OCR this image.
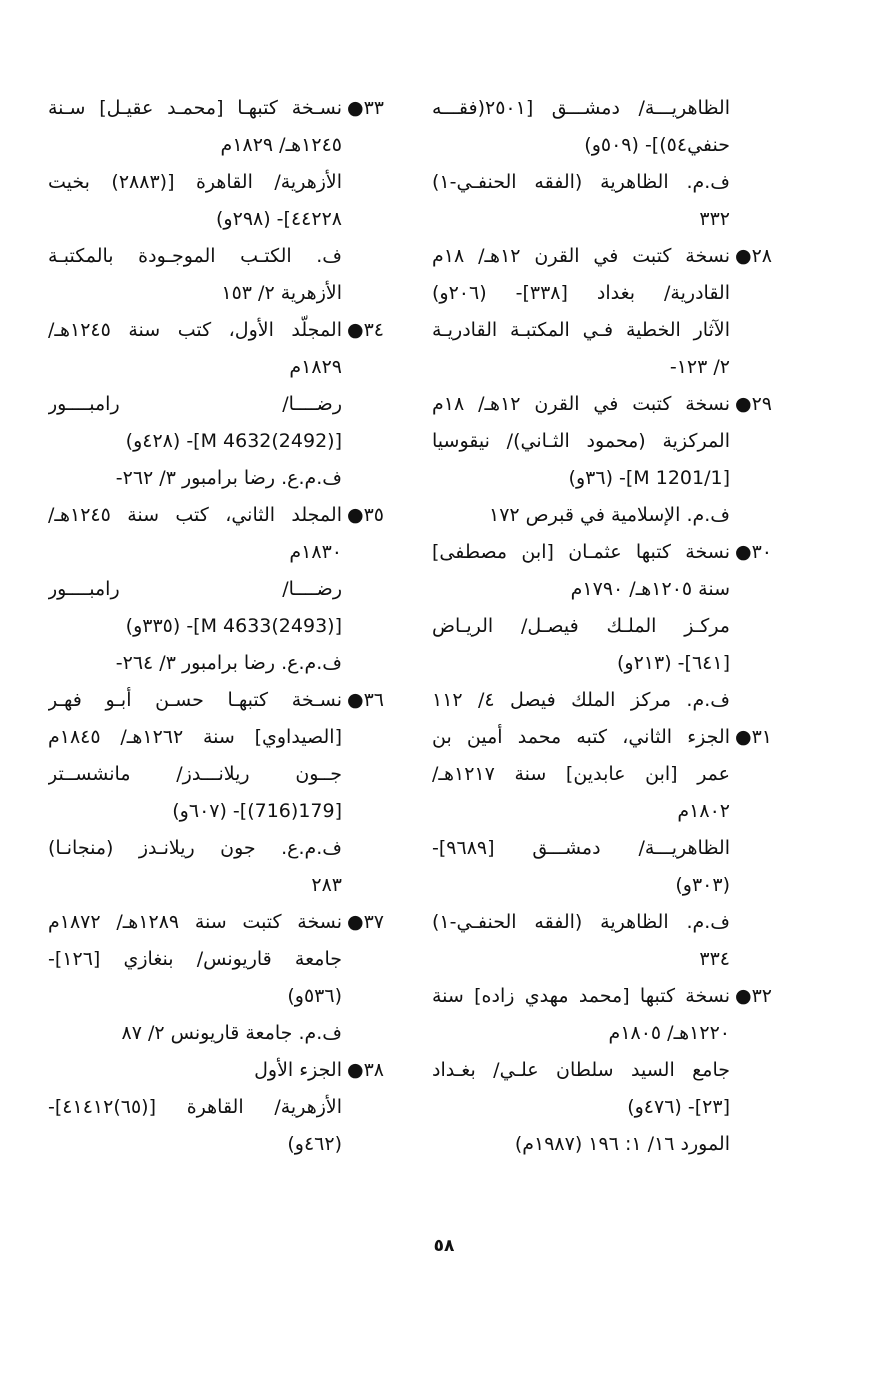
الظاهريـــة/ دمشـــق [٢٥٠١(فقـــه
حنفي٥٤)]- (٥٠٩و)
ف.م. الظاهرية (الفقه الحنفـي-١)
٣٣٢
٢٨●
نسخة كتبت في القرن ١٢هـ/ ١٨م
القادرية/ بغداد [٣٣٨]- (٢٠٦و)
الآثار الخطية فـي المكتبـة القادريـة
٢/ ١٢٣-
٢٩●
نسخة كتبت في القرن ١٢هـ/ ١٨م
المركزية (محمود الثـاني)/ نيقوسيا
[M 1201/1]- (٣٦و)
ف.م. الإسلامية في قبرص ١٧٢
٣٠●
نسخة كتبها عثمـان [ابن مصطفى]
سنة ١٢٠٥هـ/ ١٧٩٠م
مركـز الملـك فيصـل/ الريـاض
[٦٤١]- (٢١٣و)
ف.م. مركز الملك فيصل ٤/ ١١٢
٣١●
الجزء الثاني، كتبه محمد أمين بن
عمر [ابن عابدين] سنة ١٢١٧هـ/
١٨٠٢م
الظاهريـــة/ دمشـــق [٩٦٨٩]-
(٣٠٣و)
ف.م. الظاهرية (الفقه الحنفـي-١)
٣٣٤
٣٢●
نسخة كتبها [محمد مهدي زاده] سنة
١٢٢٠هـ/ ١٨٠٥م
جامع السيد سلطان علـي/ بغـداد
[٢٣]- (٤٧٦و)
المورد ١٦/ ١: ١٩٦ (١٩٨٧م)
٣٣●
نسـخة كتبهـا [محمـد عقيـل] سـنة
١٢٤٥هـ/ ١٨٢٩م
الأزهرية/ القاهرة [(٢٨٨٣) بخيت
٤٤٢٢٨]- (٢٩٨و)
ف. الكتـب الموجـودة بالمكتبـة
الأزهرية ٢/ ١٥٣
٣٤●
المجلّد الأول، كتب سنة ١٢٤٥هـ/
١٨٢٩م
رضــــا/ رامبــــور
[M 4632(2492)]- (٤٢٨و)
ف.م.ع. رضا برامبور ٣/ ٢٦٢-
٣٥●
المجلد الثاني، كتب سنة ١٢٤٥هـ/
١٨٣٠م
رضــــا/ رامبــــور
[M 4633(2493)]- (٣٣٥و)
ف.م.ع. رضا برامبور ٣/ ٢٦٤-
٣٦●
نسـخة كتبهـا حسـن أبـو فهـر
[الصيداوي] سنة ١٢٦٢هـ/ ١٨٤٥م
جــون ريلانـــدز/ مانشســتر
[179(716)]- (٦٠٧و)
ف.م.ع. جون ريلانـدز (منجانـا)
٢٨٣
٣٧●
نسخة كتبت سنة ١٢٨٩هـ/ ١٨٧٢م
جامعة قاريونس/ بنغازي [١٢٦]-
(٥٣٦و)
ف.م. جامعة قاريونس ٢/ ٨٧
٣٨●
الجزء الأول
الأزهرية/ القاهرة [(٦٥)٤١٤١٢]-
(٤٦٢و)
٥٨
